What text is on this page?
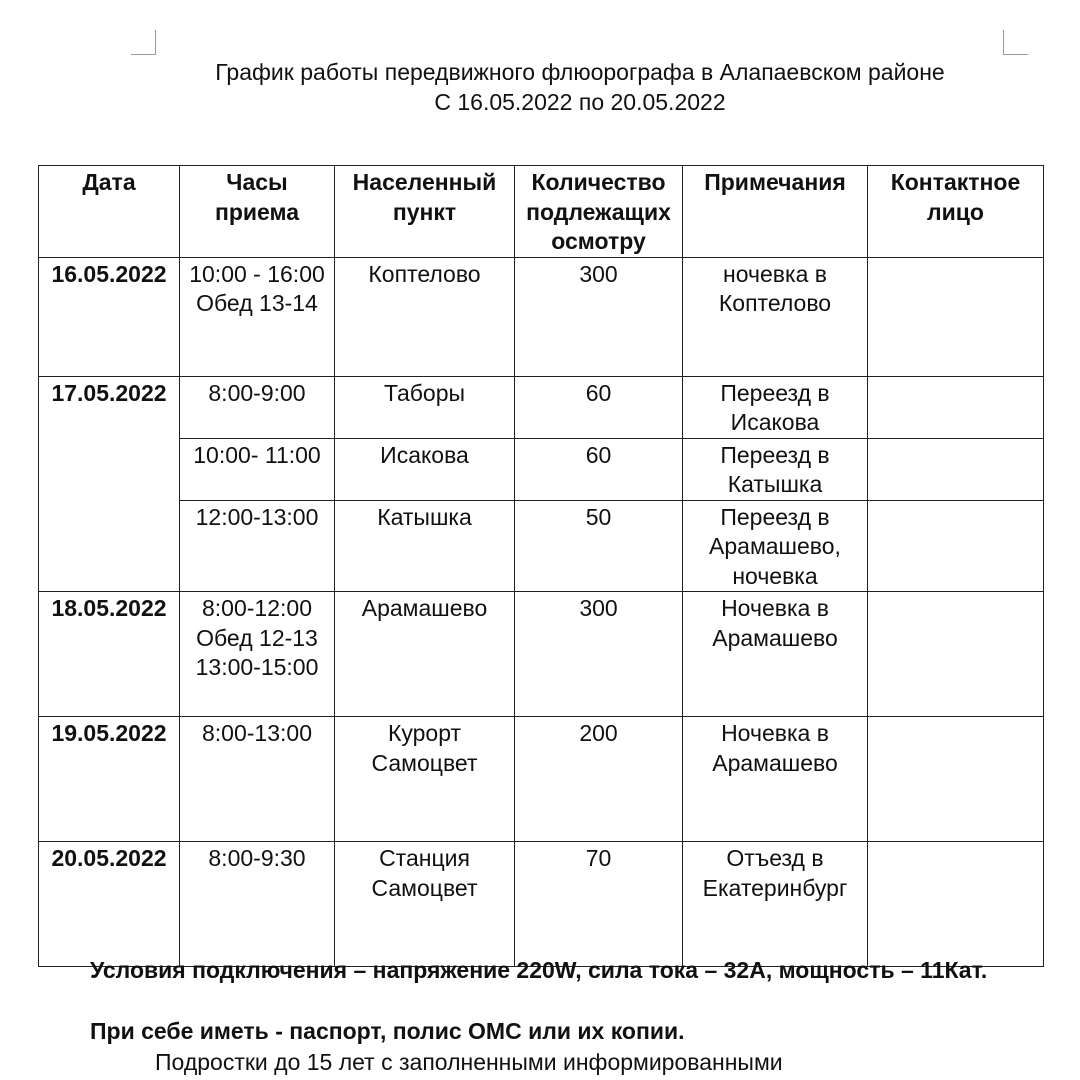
График работы передвижного флюорографа в Алапаевском районе
С 16.05.2022 по 20.05.2022
Дата	Часы приема	Населенный пункт	Количество подлежащих осмотру	Примечания	Контактное лицо
16.05.2022	10:00 - 16:00 Обед 13-14	Коптелово	300	ночевка в Коптелово	
17.05.2022	8:00-9:00	Таборы	60	Переезд в Исакова	
	10:00- 11:00	Исакова	60	Переезд в Катышка	
	12:00-13:00	Катышка	50	Переезд в Арамашево, ночевка	
18.05.2022	8:00-12:00 Обед 12-13 13:00-15:00	Арамашево	300	Ночевка в Арамашево	
19.05.2022	8:00-13:00	Курорт Самоцвет	200	Ночевка в Арамашево	
20.05.2022	8:00-9:30	Станция Самоцвет	70	Отъезд в Екатеринбург	
Условия подключения – напряжение 220W, сила тока – 32А, мощность – 11Кат.
При себе иметь - паспорт, полис ОМС или их копии.
Подростки до 15 лет с заполненными информированными
